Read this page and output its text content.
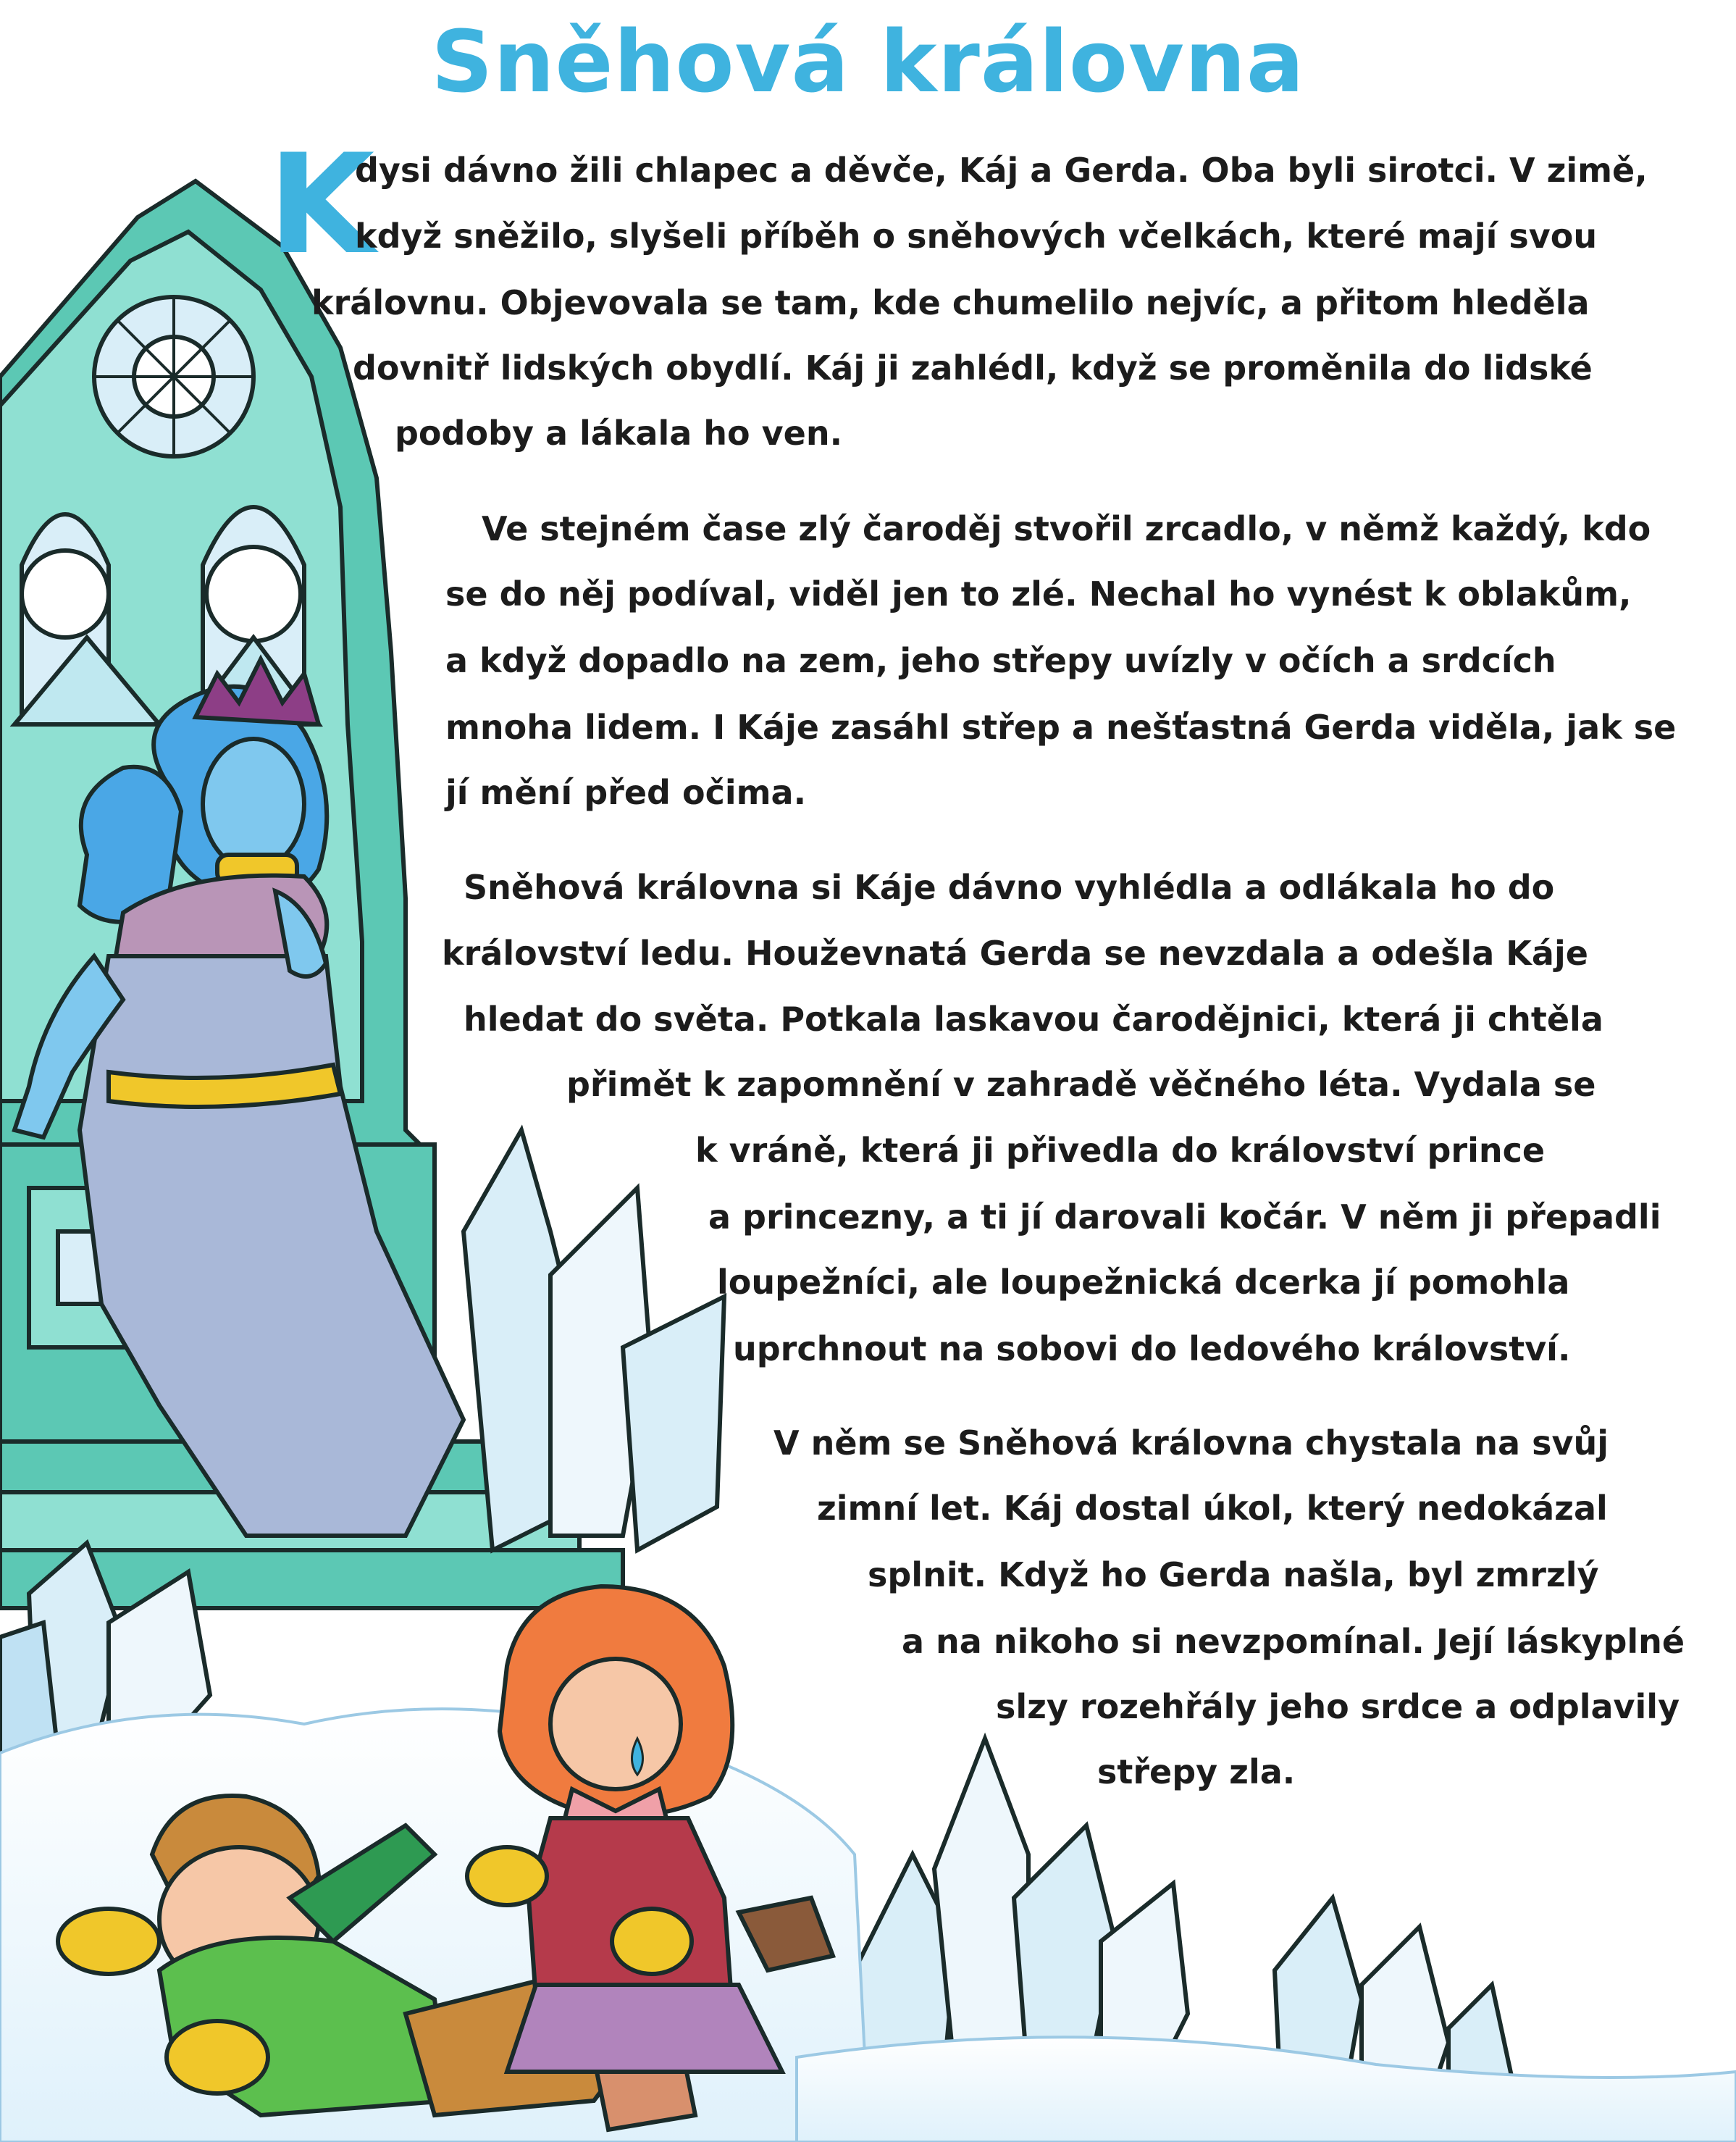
Sněhová královna
K
dysi dávno žili chlapec a děvče, Káj a Gerda. Oba byli sirotci. V zimě,
když sněžilo, slyšeli příběh o sněhových včelkách, které mají svou
královnu. Objevovala se tam, kde chumelilo nejvíc, a přitom hleděla
dovnitř lidských obydlí. Káj ji zahlédl, když se proměnila do lidské
podoby a lákala ho ven.
Ve stejném čase zlý čaroděj stvořil zrcadlo, v němž každý, kdo
se do něj podíval, viděl jen to zlé. Nechal ho vynést k oblakům,
a když dopadlo na zem, jeho střepy uvízly v očích a srdcích
mnoha lidem. I Káje zasáhl střep a nešťastná Gerda viděla, jak se
jí mění před očima.
Sněhová královna si Káje dávno vyhlédla a odlákala ho do
království ledu. Houževnatá Gerda se nevzdala a odešla Káje
hledat do světa. Potkala laskavou čarodějnici, která ji chtěla
přimět k zapomnění v zahradě věčného léta. Vydala se
k vráně, která ji přivedla do království prince
a princezny, a ti jí darovali kočár. V něm ji přepadli
loupežníci, ale loupežnická dcerka jí pomohla
uprchnout na sobovi do ledového království.
V něm se Sněhová královna chystala na svůj
zimní let. Káj dostal úkol, který nedokázal
splnit. Když ho Gerda našla, byl zmrzlý
a na nikoho si nevzpomínal. Její láskyplné
slzy rozehřály jeho srdce a odplavily
střepy zla.
